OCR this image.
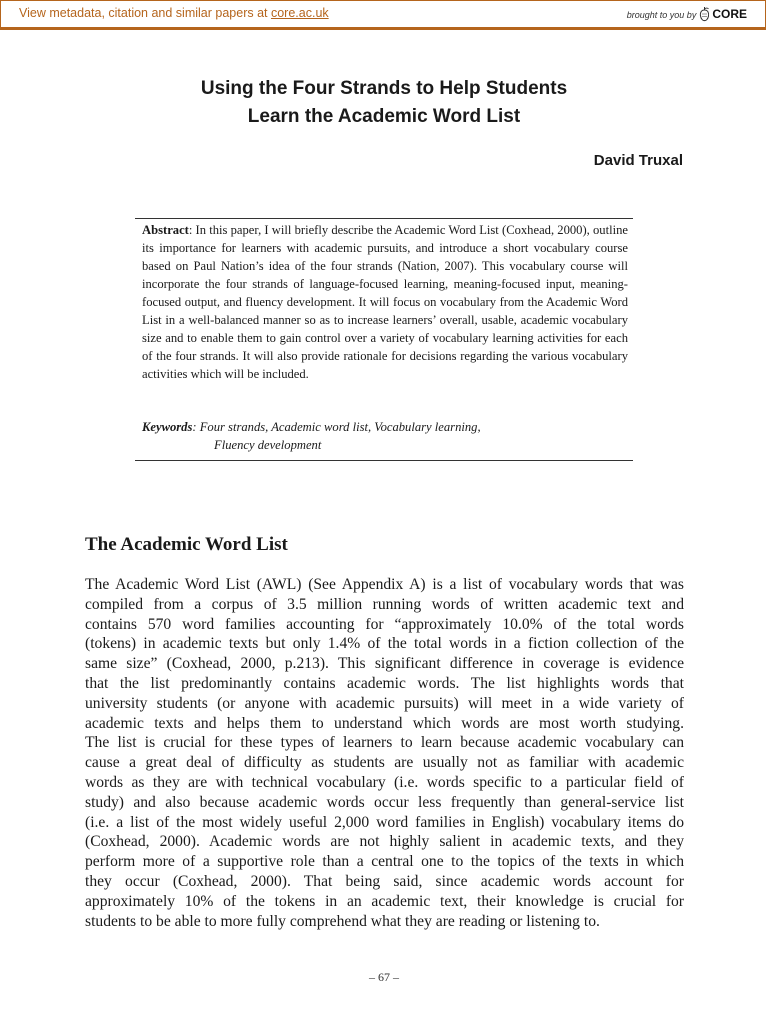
View metadata, citation and similar papers at core.ac.uk	brought to you by CORE
Using the Four Strands to Help Students
Learn the Academic Word List
David Truxal
Abstract: In this paper, I will briefly describe the Academic Word List (Coxhead, 2000), outline its importance for learners with academic pursuits, and introduce a short vocabulary course based on Paul Nation’s idea of the four strands (Nation, 2007). This vocabulary course will incorporate the four strands of language-focused learning, meaning-focused input, meaning-focused output, and fluency development. It will focus on vocabulary from the Academic Word List in a well-balanced manner so as to increase learners’ overall, usable, academic vocabulary size and to enable them to gain control over a variety of vocabulary learning activities for each of the four strands. It will also provide rationale for decisions regarding the various vocabulary activities which will be included.
Keywords: Four strands, Academic word list, Vocabulary learning,
Fluency development
The Academic Word List
The Academic Word List (AWL) (See Appendix A) is a list of vocabulary words that was
compiled from a corpus of 3.5 million running words of written academic text and
contains 570 word families accounting for “approximately 10.0% of the total words
(tokens) in academic texts but only 1.4% of the total words in a fiction collection of the
same size” (Coxhead, 2000, p.213). This significant difference in coverage is evidence
that the list predominantly contains academic words. The list highlights words that
university students (or anyone with academic pursuits) will meet in a wide variety of
academic texts and helps them to understand which words are most worth studying.
The list is crucial for these types of learners to learn because academic vocabulary can
cause a great deal of difficulty as students are usually not as familiar with academic
words as they are with technical vocabulary (i.e. words specific to a particular field of
study) and also because academic words occur less frequently than general-service list
(i.e. a list of the most widely useful 2,000 word families in English) vocabulary items do
(Coxhead, 2000). Academic words are not highly salient in academic texts, and they
perform more of a supportive role than a central one to the topics of the texts in which
they occur (Coxhead, 2000). That being said, since academic words account for
approximately 10% of the tokens in an academic text, their knowledge is crucial for
students to be able to more fully comprehend what they are reading or listening to.
– 67 –
